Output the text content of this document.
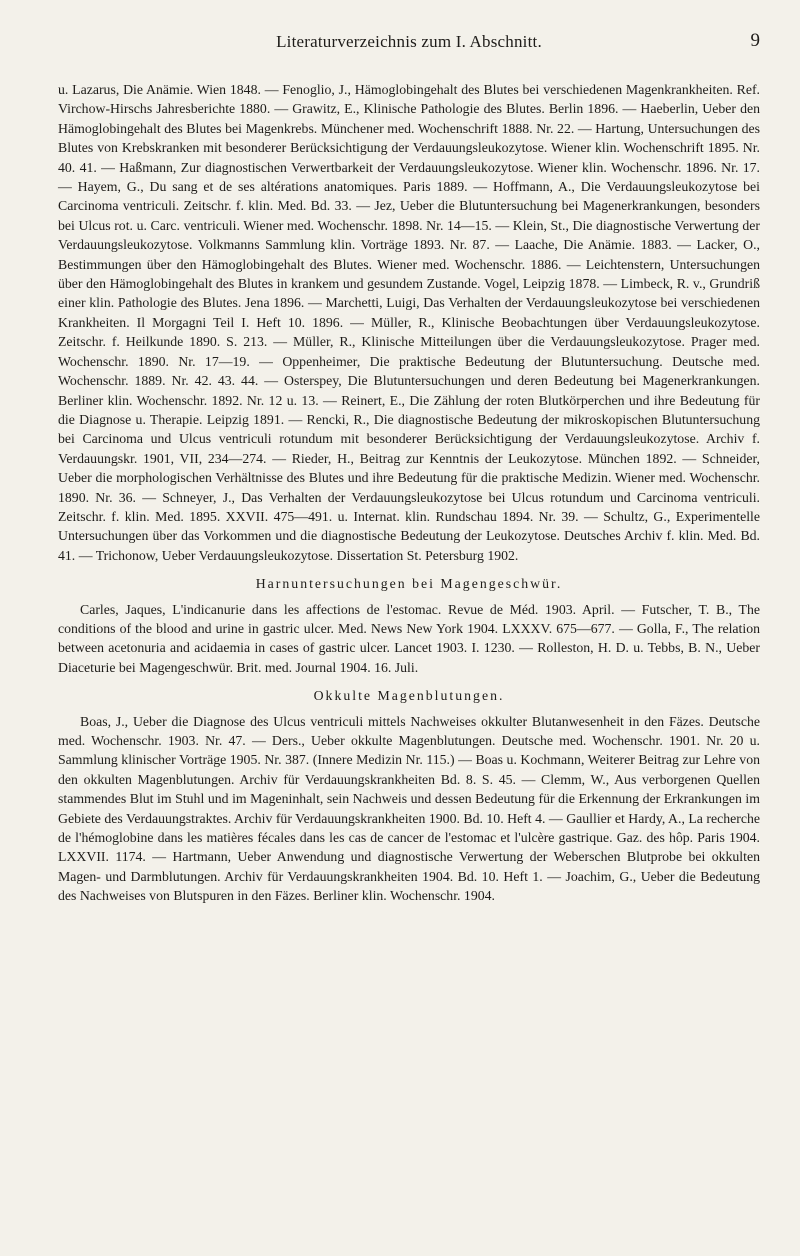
Literaturverzeichnis zum I. Abschnitt.	9

u. Lazarus, Die Anämie. Wien 1848. — Fenoglio, J., Hämoglobingehalt des Blutes bei verschiedenen Magenkrankheiten. Ref. Virchow-Hirschs Jahresberichte 1880. — Grawitz, E., Klinische Pathologie des Blutes. Berlin 1896. — Haeberlin, Ueber den Hämoglobingehalt des Blutes bei Magenkrebs. Münchener med. Wochenschrift 1888. Nr. 22. — Hartung, Untersuchungen des Blutes von Krebskranken mit besonderer Berücksichtigung der Verdauungsleukozytose. Wiener klin. Wochenschrift 1895. Nr. 40. 41. — Haßmann, Zur diagnostischen Verwertbarkeit der Verdauungsleukozytose. Wiener klin. Wochenschr. 1896. Nr. 17. — Hayem, G., Du sang et de ses altérations anatomiques. Paris 1889. — Hoffmann, A., Die Verdauungsleukozytose bei Carcinoma ventriculi. Zeitschr. f. klin. Med. Bd. 33. — Jez, Ueber die Blutuntersuchung bei Magenerkrankungen, besonders bei Ulcus rot. u. Carc. ventriculi. Wiener med. Wochenschr. 1898. Nr. 14—15. — Klein, St., Die diagnostische Verwertung der Verdauungsleukozytose. Volkmanns Sammlung klin. Vorträge 1893. Nr. 87. — Laache, Die Anämie. 1883. — Lacker, O., Bestimmungen über den Hämoglobingehalt des Blutes. Wiener med. Wochenschr. 1886. — Leichtenstern, Untersuchungen über den Hämoglobingehalt des Blutes in krankem und gesundem Zustande. Vogel, Leipzig 1878. — Limbeck, R. v., Grundriß einer klin. Pathologie des Blutes. Jena 1896. — Marchetti, Luigi, Das Verhalten der Verdauungsleukozytose bei verschiedenen Krankheiten. Il Morgagni Teil I. Heft 10. 1896. — Müller, R., Klinische Beobachtungen über Verdauungsleukozytose. Zeitschr. f. Heilkunde 1890. S. 213. — Müller, R., Klinische Mitteilungen über die Verdauungsleukozytose. Prager med. Wochenschr. 1890. Nr. 17—19. — Oppenheimer, Die praktische Bedeutung der Blutuntersuchung. Deutsche med. Wochenschr. 1889. Nr. 42. 43. 44. — Osterspey, Die Blutuntersuchungen und deren Bedeutung bei Magenerkrankungen. Berliner klin. Wochenschr. 1892. Nr. 12 u. 13. — Reinert, E., Die Zählung der roten Blutkörperchen und ihre Bedeutung für die Diagnose u. Therapie. Leipzig 1891. — Rencki, R., Die diagnostische Bedeutung der mikroskopischen Blutuntersuchung bei Carcinoma und Ulcus ventriculi rotundum mit besonderer Berücksichtigung der Verdauungsleukozytose. Archiv f. Verdauungskr. 1901, VII, 234—274. — Rieder, H., Beitrag zur Kenntnis der Leukozytose. München 1892. — Schneider, Ueber die morphologischen Verhältnisse des Blutes und ihre Bedeutung für die praktische Medizin. Wiener med. Wochenschr. 1890. Nr. 36. — Schneyer, J., Das Verhalten der Verdauungsleukozytose bei Ulcus rotundum und Carcinoma ventriculi. Zeitschr. f. klin. Med. 1895. XXVII. 475—491. u. Internat. klin. Rundschau 1894. Nr. 39. — Schultz, G., Experimentelle Untersuchungen über das Vorkommen und die diagnostische Bedeutung der Leukozytose. Deutsches Archiv f. klin. Med. Bd. 41. — Trichonow, Ueber Verdauungsleukozytose. Dissertation St. Petersburg 1902.

Harnuntersuchungen bei Magengeschwür.

Carles, Jaques, L'indicanurie dans les affections de l'estomac. Revue de Méd. 1903. April. — Futscher, T. B., The conditions of the blood and urine in gastric ulcer. Med. News New York 1904. LXXXV. 675—677. — Golla, F., The relation between acetonuria and acidaemia in cases of gastric ulcer. Lancet 1903. I. 1230. — Rolleston, H. D. u. Tebbs, B. N., Ueber Diaceturie bei Magengeschwür. Brit. med. Journal 1904. 16. Juli.

Okkulte Magenblutungen.

Boas, J., Ueber die Diagnose des Ulcus ventriculi mittels Nachweises okkulter Blutanwesenheit in den Fäzes. Deutsche med. Wochenschr. 1903. Nr. 47. — Ders., Ueber okkulte Magenblutungen. Deutsche med. Wochenschr. 1901. Nr. 20 u. Sammlung klinischer Vorträge 1905. Nr. 387. (Innere Medizin Nr. 115.) — Boas u. Kochmann, Weiterer Beitrag zur Lehre von den okkulten Magenblutungen. Archiv für Verdauungskrankheiten Bd. 8. S. 45. — Clemm, W., Aus verborgenen Quellen stammendes Blut im Stuhl und im Mageninhalt, sein Nachweis und dessen Bedeutung für die Erkennung der Erkrankungen im Gebiete des Verdauungstraktes. Archiv für Verdauungskrankheiten 1900. Bd. 10. Heft 4. — Gaullier et Hardy, A., La recherche de l'hémoglobine dans les matières fécales dans les cas de cancer de l'estomac et l'ulcère gastrique. Gaz. des hôp. Paris 1904. LXXVII. 1174. — Hartmann, Ueber Anwendung und diagnostische Verwertung der Weberschen Blutprobe bei okkulten Magen- und Darmblutungen. Archiv für Verdauungskrankheiten 1904. Bd. 10. Heft 1. — Joachim, G., Ueber die Bedeutung des Nachweises von Blutspuren in den Fäzes. Berliner klin. Wochenschr. 1904.
